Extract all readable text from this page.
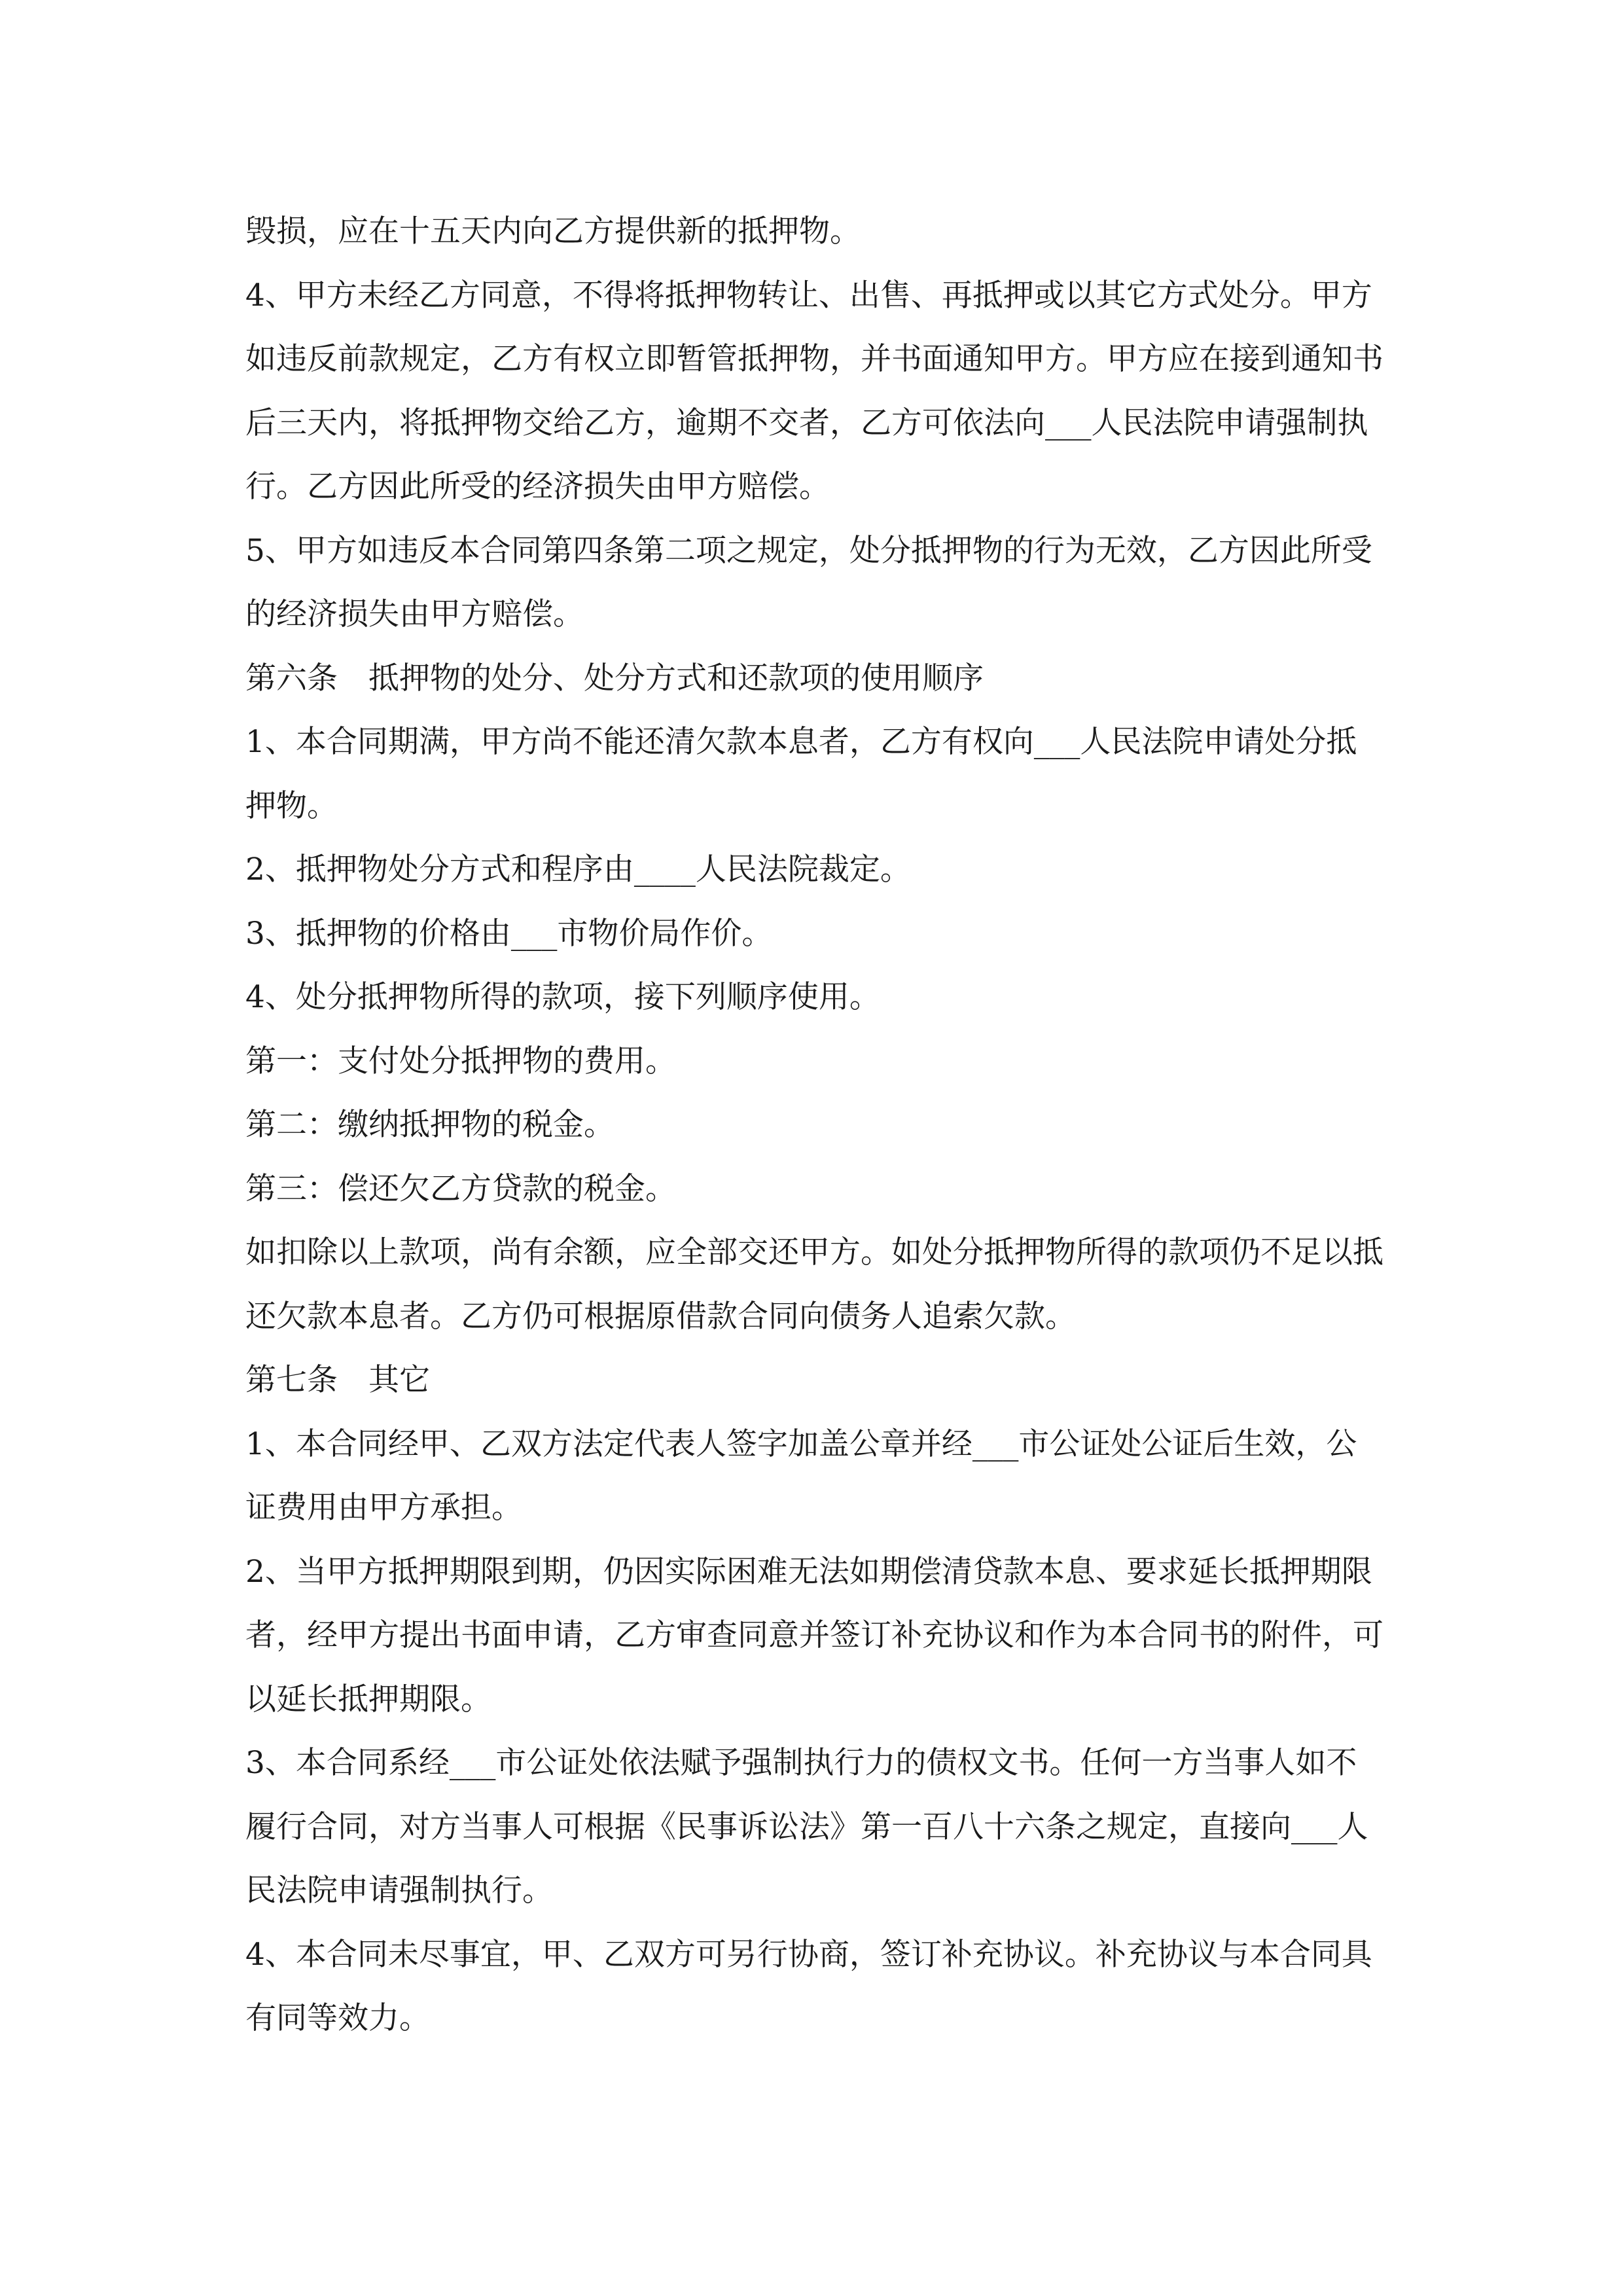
毁损，应在十五天内向乙方提供新的抵押物。

4、甲方未经乙方同意，不得将抵押物转让、出售、再抵押或以其它方式处分。甲方如违反前款规定，乙方有权立即暂管抵押物，并书面通知甲方。甲方应在接到通知书后三天内，将抵押物交给乙方，逾期不交者，乙方可依法向___人民法院申请强制执行。乙方因此所受的经济损失由甲方赔偿。

5、甲方如违反本合同第四条第二项之规定，处分抵押物的行为无效，乙方因此所受的经济损失由甲方赔偿。

第六条　抵押物的处分、处分方式和还款项的使用顺序

1、本合同期满，甲方尚不能还清欠款本息者，乙方有权向___人民法院申请处分抵押物。

2、抵押物处分方式和程序由____人民法院裁定。

3、抵押物的价格由___市物价局作价。

4、处分抵押物所得的款项，接下列顺序使用。

第一：支付处分抵押物的费用。

第二：缴纳抵押物的税金。

第三：偿还欠乙方贷款的税金。

如扣除以上款项，尚有余额，应全部交还甲方。如处分抵押物所得的款项仍不足以抵还欠款本息者。乙方仍可根据原借款合同向债务人追索欠款。

第七条　其它

1、本合同经甲、乙双方法定代表人签字加盖公章并经___市公证处公证后生效，公证费用由甲方承担。

2、当甲方抵押期限到期，仍因实际困难无法如期偿清贷款本息、要求延长抵押期限者，经甲方提出书面申请，乙方审查同意并签订补充协议和作为本合同书的附件，可以延长抵押期限。

3、本合同系经___市公证处依法赋予强制执行力的债权文书。任何一方当事人如不履行合同，对方当事人可根据《民事诉讼法》第一百八十六条之规定，直接向___人民法院申请强制执行。

4、本合同未尽事宜，甲、乙双方可另行协商，签订补充协议。补充协议与本合同具有同等效力。
